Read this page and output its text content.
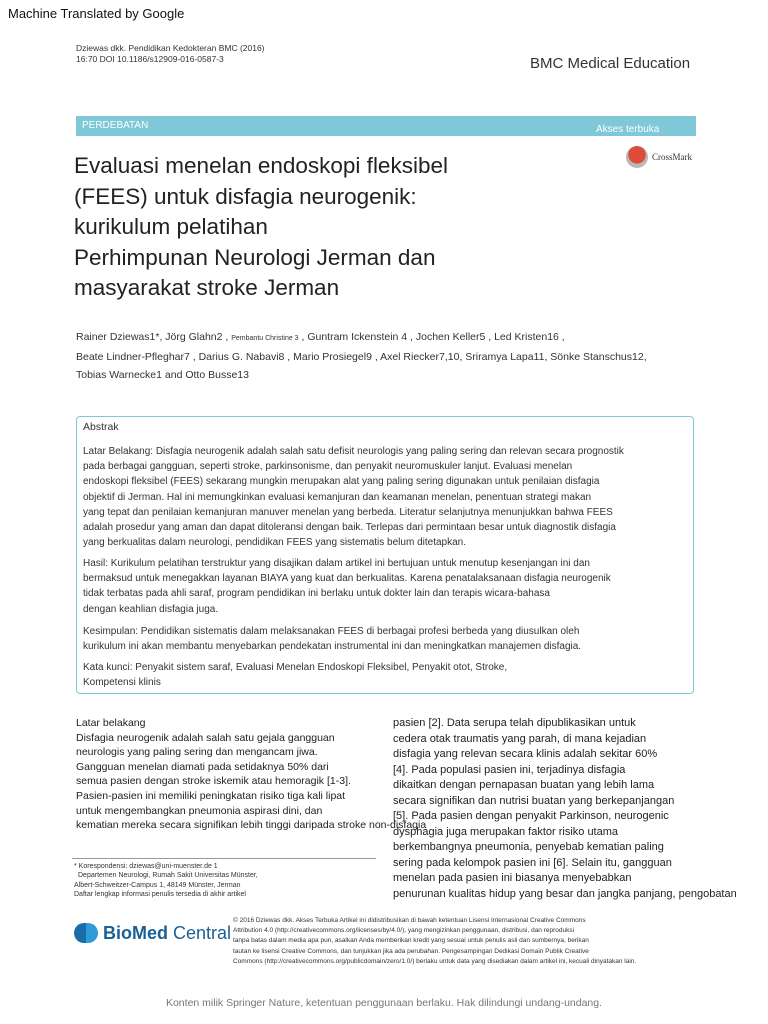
Machine Translated by Google
Dziewas dkk. Pendidikan Kedokteran BMC (2016)
16:70 DOI 10.1186/s12909-016-0587-3	BMC Medical Education
PERDEBATAN	Akses terbuka
CrossMark
Evaluasi menelan endoskopi fleksibel
(FEES) untuk disfagia neurogenik:
kurikulum pelatihan
Perhimpunan Neurologi Jerman dan
masyarakat stroke Jerman
Rainer Dziewas1*, Jörg Glahn2 , Pembantu Christine 3 , Guntram Ickenstein 4 , Jochen Keller5 , Led Kristen16 ,
Beate Lindner-Pfleghar7 , Darius G. Nabavi8 , Mario Prosiegel9 , Axel Riecker7,10, Sriramya Lapa11, Sönke Stanschus12,
Tobias Warnecke1 and Otto Busse13
Abstrak
Latar Belakang: Disfagia neurogenik adalah salah satu defisit neurologis yang paling sering dan relevan secara prognostik
pada berbagai gangguan, seperti stroke, parkinsonisme, dan penyakit neuromuskuler lanjut. Evaluasi menelan
endoskopi fleksibel (FEES) sekarang mungkin merupakan alat yang paling sering digunakan untuk penilaian disfagia
objektif di Jerman. Hal ini memungkinkan evaluasi kemanjuran dan keamanan menelan, penentuan strategi makan
yang tepat dan penilaian kemanjuran manuver menelan yang berbeda. Literatur selanjutnya menunjukkan bahwa FEES
adalah prosedur yang aman dan dapat ditoleransi dengan baik. Terlepas dari permintaan besar untuk diagnostik disfagia
yang berkualitas dalam neurologi, pendidikan FEES yang sistematis belum ditetapkan.
Hasil: Kurikulum pelatihan terstruktur yang disajikan dalam artikel ini bertujuan untuk menutup kesenjangan ini dan
bermaksud untuk menegakkan layanan BIAYA yang kuat dan berkualitas. Karena penatalaksanaan disfagia neurogenik
tidak terbatas pada ahli saraf, program pendidikan ini berlaku untuk dokter lain dan terapis wicara-bahasa
dengan keahlian disfagia juga.
Kesimpulan: Pendidikan sistematis dalam melaksanakan FEES di berbagai profesi berbeda yang diusulkan oleh
kurikulum ini akan membantu menyebarkan pendekatan instrumental ini dan meningkatkan manajemen disfagia.
Kata kunci: Penyakit sistem saraf, Evaluasi Menelan Endoskopi Fleksibel, Penyakit otot, Stroke,
Kompetensi klinis
Latar belakang
Disfagia neurogenik adalah salah satu gejala gangguan
neurologis yang paling sering dan mengancam jiwa.
Gangguan menelan diamati pada setidaknya 50% dari
semua pasien dengan stroke iskemik atau hemoragik [1-3].
Pasien-pasien ini memiliki peningkatan risiko tiga kali lipat
untuk mengembangkan pneumonia aspirasi dini, dan
kematian mereka secara signifikan lebih tinggi daripada stroke non-disfagia
pasien [2]. Data serupa telah dipublikasikan untuk
cedera otak traumatis yang parah, di mana kejadian
disfagia yang relevan secara klinis adalah sekitar 60%
[4]. Pada populasi pasien ini, terjadinya disfagia
dikaitkan dengan pernapasan buatan yang lebih lama
secara signifikan dan nutrisi buatan yang berkepanjangan
[5]. Pada pasien dengan penyakit Parkinson, neurogenic
dysphagia juga merupakan faktor risiko utama
berkembangnya pneumonia, penyebab kematian paling
sering pada kelompok pasien ini [6]. Selain itu, gangguan
menelan pada pasien ini biasanya menyebabkan
penurunan kualitas hidup yang besar dan jangka panjang, pengobatan
* Korespondensi: dziewas@uni-muenster.de 1
Departemen Neurologi, Rumah Sakit Universitas Münster,
Albert-Schweitzer-Campus 1, 48149 Münster, Jerman
Daftar lengkap informasi penulis tersedia di akhir artikel
BioMed Central
© 2016 Dziewas dkk. Akses Terbuka Artikel ini didistribusikan di bawah ketentuan Lisensi Internasional Creative Commons
Attribution 4.0 (http://creativecommons.org/licenses/by/4.0/), yang mengizinkan penggunaan, distribusi, dan reproduksi
tanpa batas dalam media apa pun, asalkan Anda memberikan kredit yang sesuai untuk penulis asli dan sumbernya, berikan
tautan ke lisensi Creative Commons, dan tunjukkan jika ada perubahan. Pengesampingan Dedikasi Domain Publik Creative
Commons (http://creativecommons.org/publicdomain/zero/1.0/) berlaku untuk data yang disediakan dalam artikel ini, kecuali dinyatakan lain.
Konten milik Springer Nature, ketentuan penggunaan berlaku. Hak dilindungi undang-undang.
